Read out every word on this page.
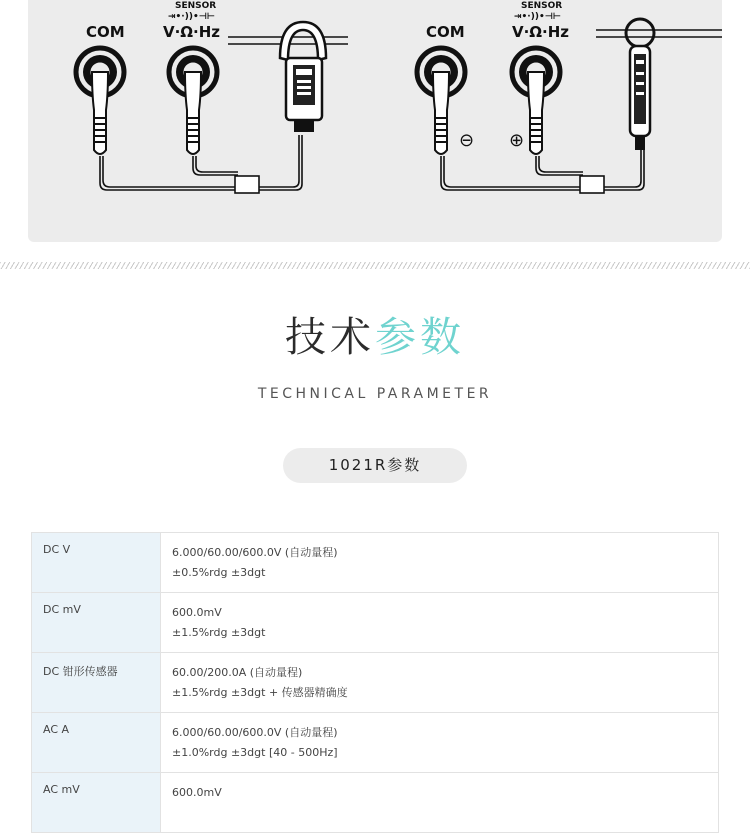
COM
SENSOR
⇥•·))•⊣⊢
V·Ω·Hz	COM
SENSOR
⇥•·))•⊣⊢
V·Ω·Hz
⊖ ⊕
技术参数
TECHNICAL PARAMETER
1021R参数
DC V	6.000/60.00/600.0V (自动量程)
±0.5%rdg ±3dgt

DC mV	600.0mV
±1.5%rdg ±3dgt

DC 钳形传感器	60.00/200.0A (自动量程)
±1.5%rdg ±3dgt + 传感器精确度

AC A	6.000/60.00/600.0V (自动量程)
±1.0%rdg ±3dgt [40 - 500Hz]

AC mV	600.0mV
